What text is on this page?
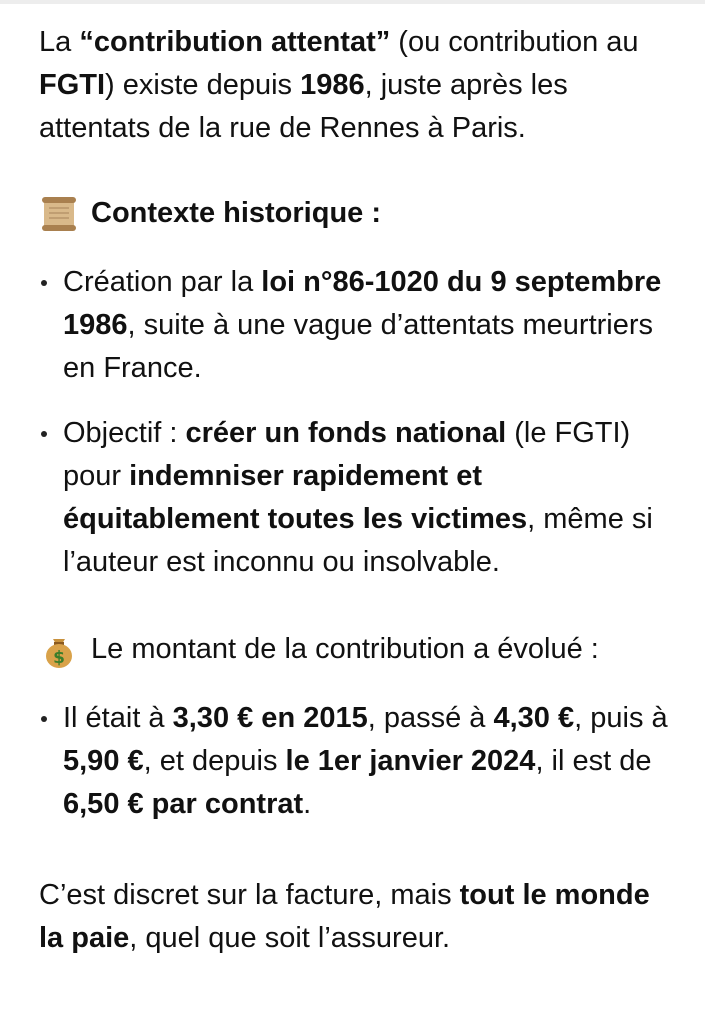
La “contribution attentat” (ou contribution au FGTI) existe depuis 1986, juste après les attentats de la rue de Rennes à Paris.

Contexte historique :
Création par la loi n°86-1020 du 9 septembre 1986, suite à une vague d’attentats meurtriers en France.
Objectif : créer un fonds national (le FGTI) pour indemniser rapidement et équitablement toutes les victimes, même si l’auteur est inconnu ou insolvable.
$ Le montant de la contribution a évolué :
Il était à 3,30 € en 2015, passé à 4,30 €, puis à 5,90 €, et depuis le 1er janvier 2024, il est de 6,50 € par contrat.

C’est discret sur la facture, mais tout le monde la paie, quel que soit l’assureur.
